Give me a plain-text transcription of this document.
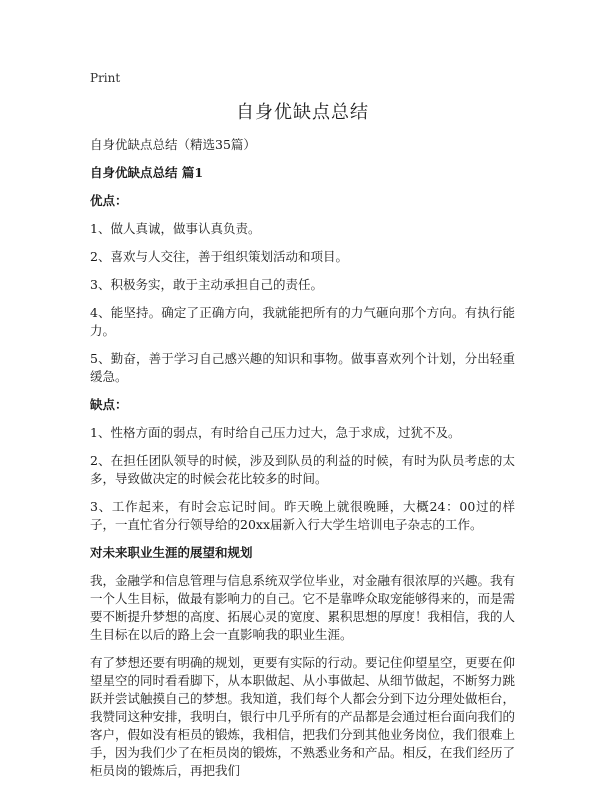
Print
自身优缺点总结

自身优缺点总结（精选35篇）

自身优缺点总结 篇1

优点：

1、做人真诚，做事认真负责。

2、喜欢与人交往，善于组织策划活动和项目。

3、积极务实，敢于主动承担自己的责任。

4、能坚持。确定了正确方向，我就能把所有的力气砸向那个方向。有执行能力。

5、勤奋，善于学习自己感兴趣的知识和事物。做事喜欢列个计划，分出轻重缓急。

缺点：

1、性格方面的弱点，有时给自己压力过大，急于求成，过犹不及。

2、在担任团队领导的时候，涉及到队员的利益的时候，有时为队员考虑的太多，导致做决定的时候会花比较多的时间。

3、工作起来，有时会忘记时间。昨天晚上就很晚睡，大概24：00过的样子，一直忙省分行领导给的20xx届新入行大学生培训电子杂志的工作。

对未来职业生涯的展望和规划

我，金融学和信息管理与信息系统双学位毕业，对金融有很浓厚的兴趣。我有一个人生目标，做最有影响力的自己。它不是靠哗众取宠能够得来的，而是需要不断提升梦想的高度、拓展心灵的宽度、累积思想的厚度！我相信，我的人生目标在以后的路上会一直影响我的职业生涯。

有了梦想还要有明确的规划，更要有实际的行动。要记住仰望星空，更要在仰望星空的同时看看脚下，从本职做起、从小事做起、从细节做起，不断努力跳跃并尝试触摸自己的梦想。我知道，我们每个人都会分到下边分理处做柜台，我赞同这种安排，我明白，银行中几乎所有的产品都是会通过柜台面向我们的客户，假如没有柜员的锻炼，我相信，把我们分到其他业务岗位，我们很难上手，因为我们少了在柜员岗的锻炼，不熟悉业务和产品。相反，在我们经历了柜员岗的锻炼后，再把我们
